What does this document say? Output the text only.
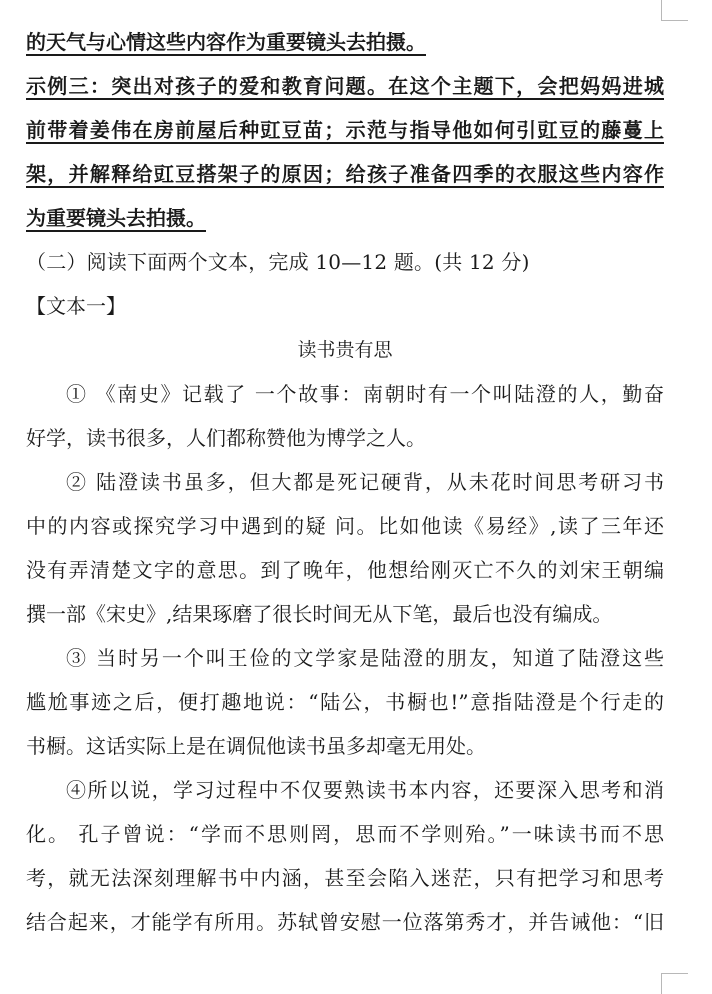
的天气与心情这些内容作为重要镜头去拍摄。
示例三：突出对孩子的爱和教育问题。在这个主题下，会把妈妈进城
前带着姜伟在房前屋后种豇豆苗；示范与指导他如何引豇豆的藤蔓上
架，并解释给豇豆搭架子的原因；给孩子准备四季的衣服这些内容作
为重要镜头去拍摄。
（二）阅读下面两个文本，完成 10—12 题。(共 12 分)
【文本一】
读书贵有思
① 《南史》记载了 一个故事：南朝时有一个叫陆澄的人，勤奋
好学，读书很多，人们都称赞他为博学之人。
② 陆澄读书虽多，但大都是死记硬背，从未花时间思考研习书
中的内容或探究学习中遇到的疑 问。比如他读《易经》,读了三年还
没有弄清楚文字的意思。到了晚年，他想给刚灭亡不久的刘宋王朝编
撰一部《宋史》,结果琢磨了很长时间无从下笔，最后也没有编成。
③ 当时另一个叫王俭的文学家是陆澄的朋友，知道了陆澄这些
尴尬事迹之后，便打趣地说：“陆公，书橱也!”意指陆澄是个行走的
书橱。这话实际上是在调侃他读书虽多却毫无用处。
④所以说，学习过程中不仅要熟读书本内容，还要深入思考和消
化。 孔子曾说：“学而不思则罔，思而不学则殆。”一味读书而不思
考，就无法深刻理解书中内涵，甚至会陷入迷茫，只有把学习和思考
结合起来，才能学有所用。苏轼曾安慰一位落第秀才，并告诫他：“旧
